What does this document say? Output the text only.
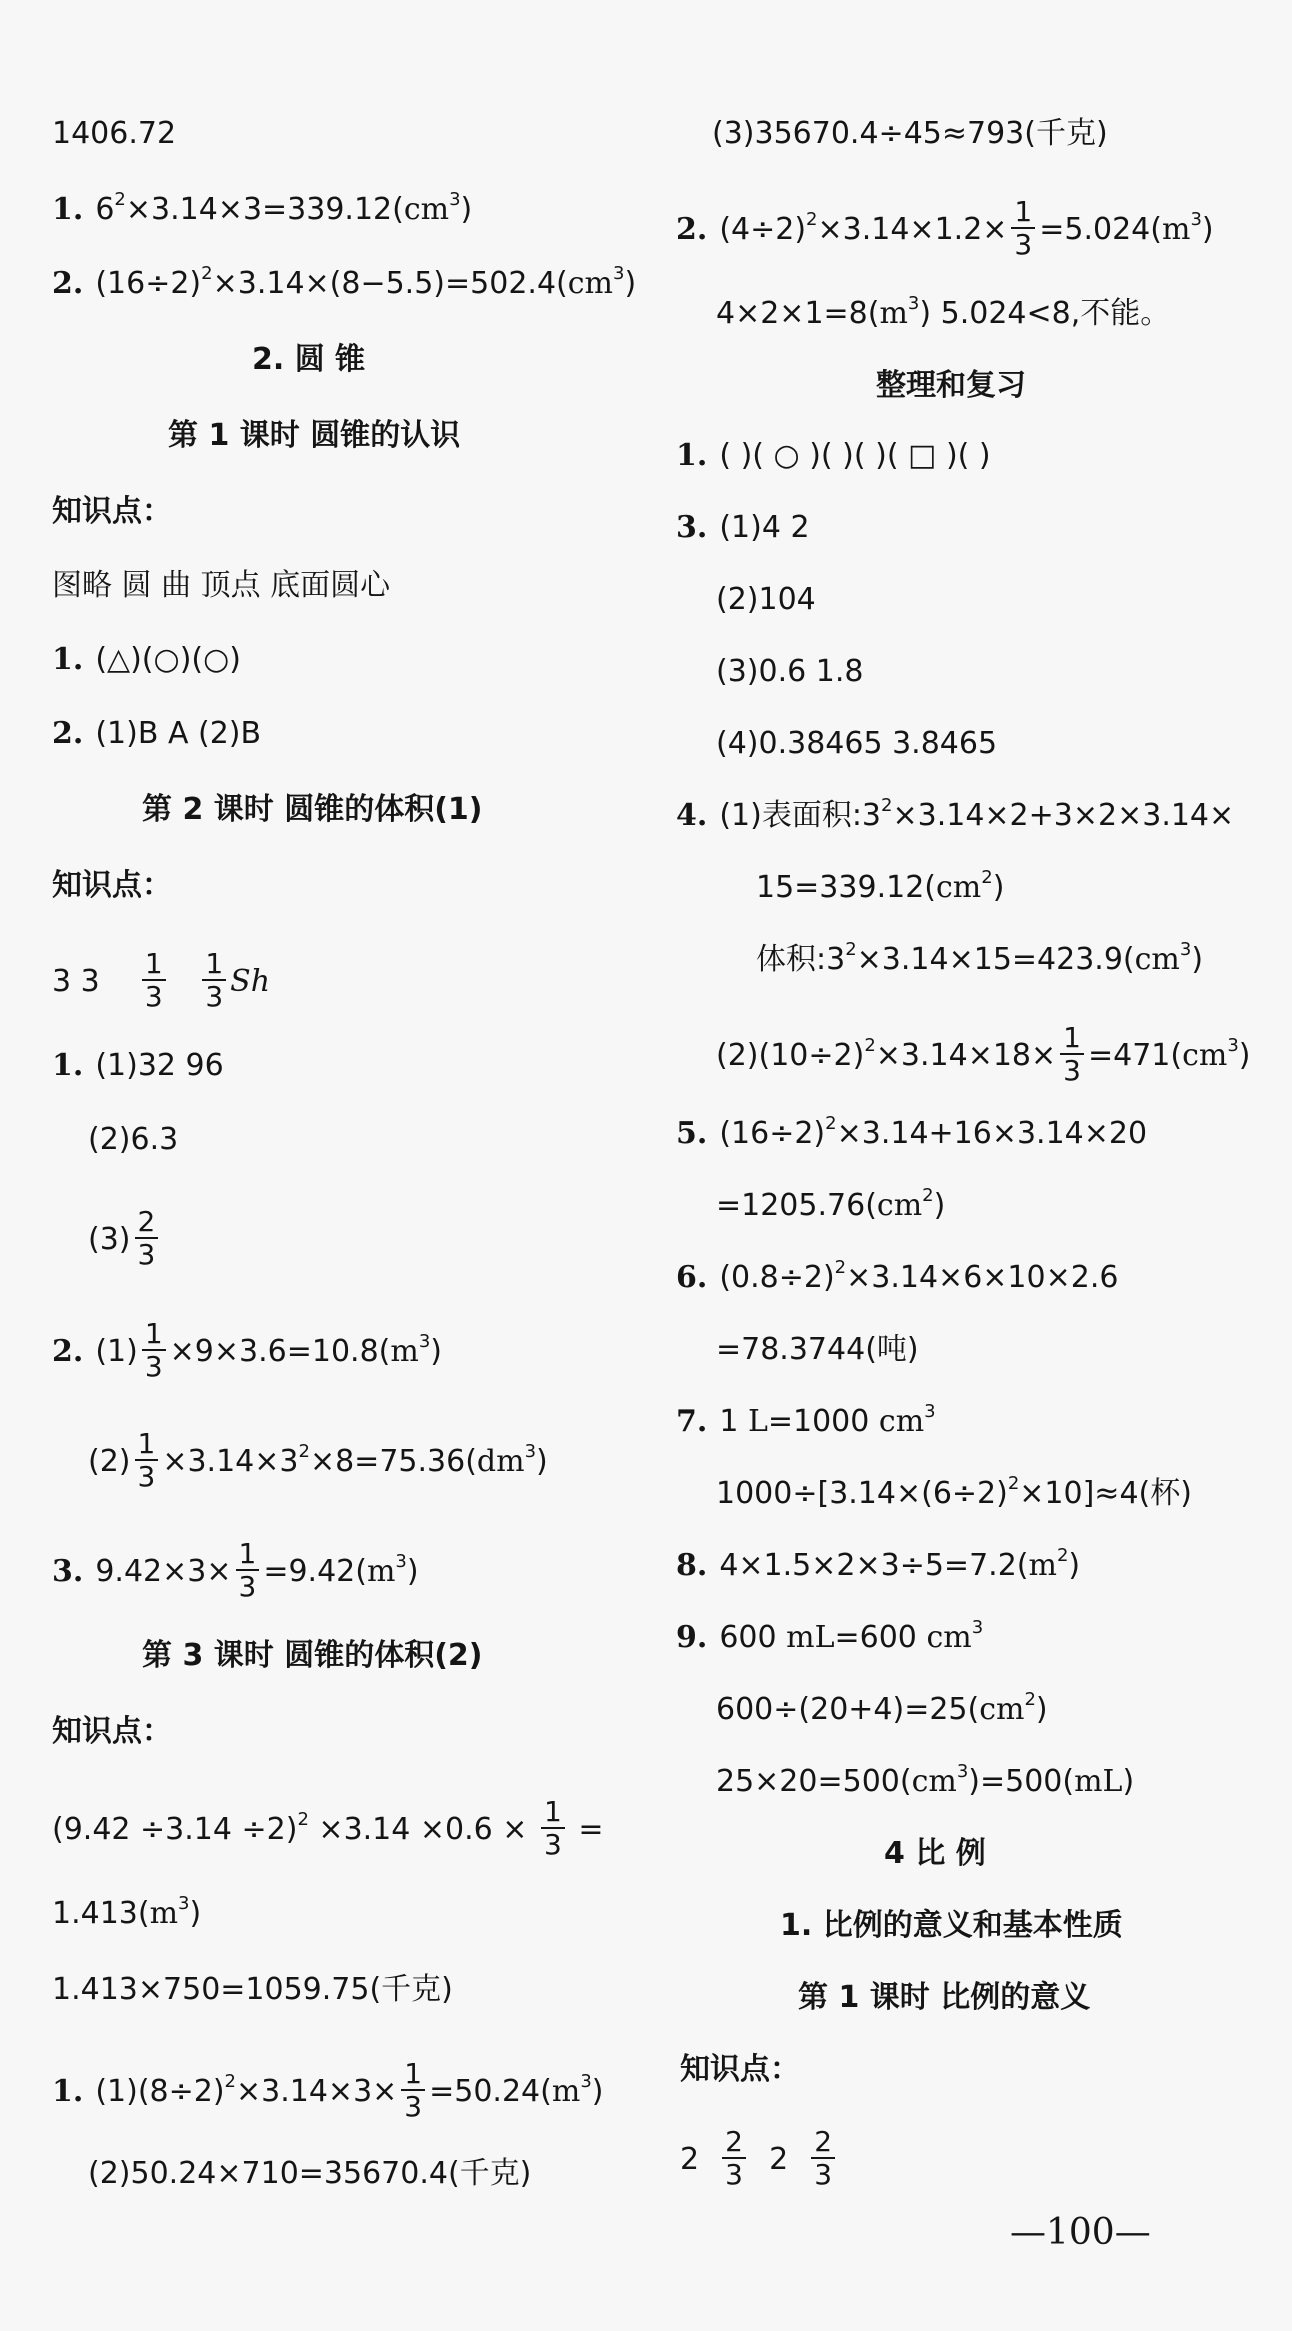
1406.72
1. $6^2\times 3.14\times 3=339.12(cm^3)$
2. $(16\div 2)^2\times 3.14\times(8-5.5)=502.4(cm^3)$
2. 圆 锥
第 1 课时 圆锥的认识
知识点：
图略 圆 曲 顶点 底面圆心
1. (△)(○)(○)
2. (1)B A (2)B
第 2 课时 圆锥的体积(1)
知识点：
3 $3 \frac{1}{3}$
$\frac{1}{3}$ Sh
1. (1)32 96
(2)6.3
$(3) \frac{2}{3}$
2. $(1) \frac{1}{3} \times 9\times 3.6=10.8(m^3)$
$(2) \frac{1}{3} \times 3.14\times 3^2\times 8=75.36(dm^3)$
3. $9.42\times 3\times \frac{1}{3} =9.42(m^3)$
第 3 课时 圆锥的体积(2)
知识点：
$(9.42 \div 3.14 \div 2)^2 \times 3.14 \times 0.6 \times \frac{1}{3}$ =
$1.413(m^3)$
1.413×750=1059.75(千克)
1. $(1)(8\div 2)^2\times 3.14\times 3\times \frac{1}{3} =50.24(m^3)$
(2)50.24×710=35670.4(千克)
(3)35670.4÷45≈793(千克)
2. $(4\div 2)^2\times 3.14\times 1.2\times \frac{1}{3} =5.024(m^3)$
$4\times 2\times 1=8(m^3)$ 5.024<8,不能。
整理和复习
1. ( )( ○ )( )( )( □ )( )
3. (1)4 2
(2)104
(3)0.6 1.8
(4)0.38465 3.8465
4. (1)表面积$:3^2\times 3.14\times 2+3\times 2\times 3.14\times$
$15=339.12(cm^2)$
体积$:3^2\times 3.14\times 15=423.9(cm^3)$
$(2)(10\div 2)^2\times 3.14\times 18\times \frac{1}{3} =471(cm^3)$
5. $(16\div 2)^2\times 3.14+16\times 3.14\times 20$
$=1205.76(cm^2)$
6. $(0.8\div 2)^2\times 3.14\times 6\times 10\times 2.6$
=78.3744(吨)
7. 1 L=1000 $cm^3$
$1000\div[3.14\times(6\div 2)^2\times 10]\approx 4$(杯)
8. $4\times 1.5\times 2\times 3\div 5=7.2(m^2)$
9. 600 mL=600 $cm^3$
$600\div(20+4)=25(cm^2)$
$25\times 20=500(cm^3)=500(mL)$
4 比 例
1. 比例的意义和基本性质
第 1 课时 比例的意义
知识点：
$2 \frac{2}{3} 2 \frac{2}{3}$
—100—
